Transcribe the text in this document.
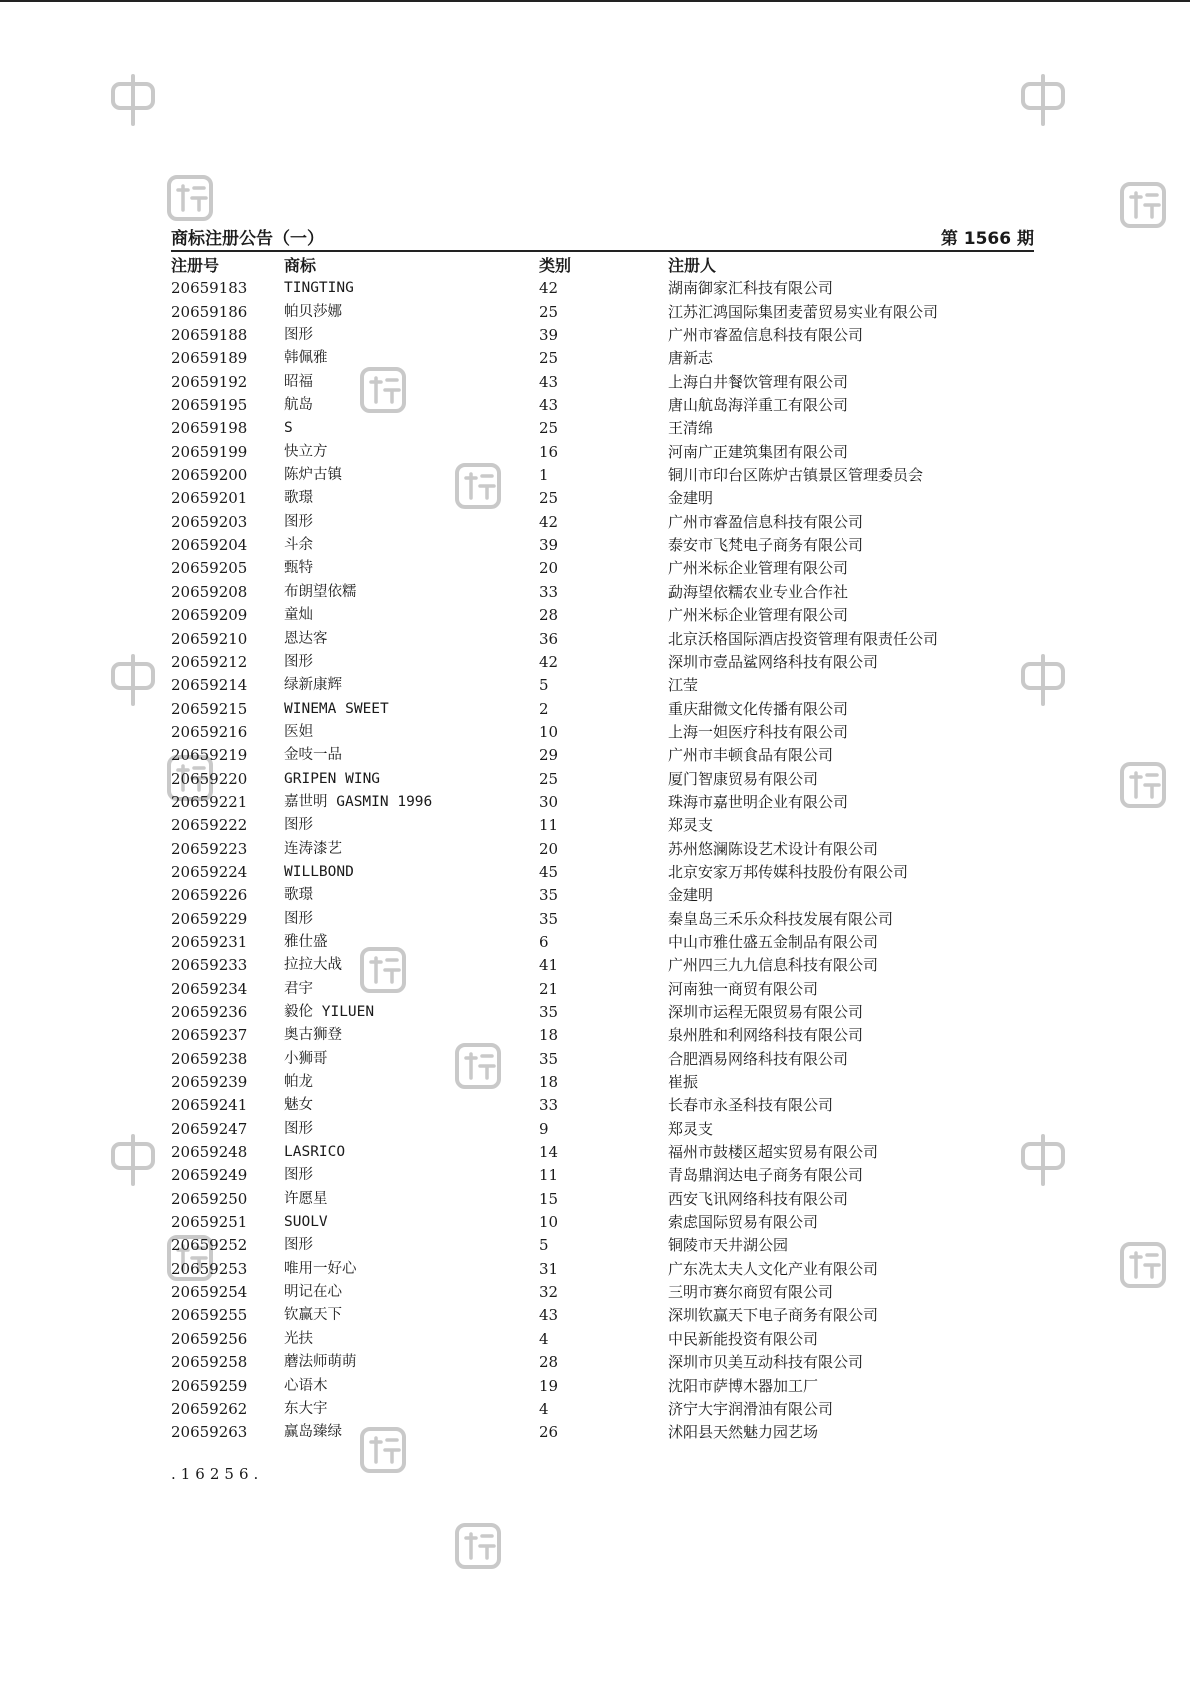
商标注册公告（一）	第 1566 期
注册号	商标	类别	注册人
20659183	TINGTING	42	湖南御家汇科技有限公司
20659186	帕贝莎娜	25	江苏汇鸿国际集团麦蕾贸易实业有限公司
20659188	图形	39	广州市睿盈信息科技有限公司
20659189	韩佩雅	25	唐新志
20659192	昭福	43	上海白井餐饮管理有限公司
20659195	航岛	43	唐山航岛海洋重工有限公司
20659198	S	25	王清绵
20659199	快立方	16	河南广正建筑集团有限公司
20659200	陈炉古镇	1	铜川市印台区陈炉古镇景区管理委员会
20659201	歌璟	25	金建明
20659203	图形	42	广州市睿盈信息科技有限公司
20659204	斗余	39	泰安市飞梵电子商务有限公司
20659205	甄特	20	广州米标企业管理有限公司
20659208	布朗望依糯	33	勐海望依糯农业专业合作社
20659209	童灿	28	广州米标企业管理有限公司
20659210	恩达客	36	北京沃格国际酒店投资管理有限责任公司
20659212	图形	42	深圳市壹品鲨网络科技有限公司
20659214	绿新康辉	5	江莹
20659215	WINEMA SWEET	2	重庆甜微文化传播有限公司
20659216	医妲	10	上海一妲医疗科技有限公司
20659219	金吱一品	29	广州市丰顿食品有限公司
20659220	GRIPEN WING	25	厦门智康贸易有限公司
20659221	嘉世明 GASMIN 1996	30	珠海市嘉世明企业有限公司
20659222	图形	11	郑灵支
20659223	连涛漆艺	20	苏州悠澜陈设艺术设计有限公司
20659224	WILLBOND	45	北京安家万邦传媒科技股份有限公司
20659226	歌璟	35	金建明
20659229	图形	35	秦皇岛三禾乐众科技发展有限公司
20659231	雅仕盛	6	中山市雅仕盛五金制品有限公司
20659233	拉拉大战	41	广州四三九九信息科技有限公司
20659234	君宇	21	河南独一商贸有限公司
20659236	毅伦 YILUEN	35	深圳市运程无限贸易有限公司
20659237	奥古狮登	18	泉州胜和利网络科技有限公司
20659238	小狮哥	35	合肥酒易网络科技有限公司
20659239	帕龙	18	崔振
20659241	魅女	33	长春市永圣科技有限公司
20659247	图形	9	郑灵支
20659248	LASRICO	14	福州市鼓楼区超实贸易有限公司
20659249	图形	11	青岛鼎润达电子商务有限公司
20659250	许愿星	15	西安飞讯网络科技有限公司
20659251	SUOLV	10	索虑国际贸易有限公司
20659252	图形	5	铜陵市天井湖公园
20659253	唯用一好心	31	广东冼太夫人文化产业有限公司
20659254	明记在心	32	三明市赛尔商贸有限公司
20659255	钦赢天下	43	深圳钦赢天下电子商务有限公司
20659256	光扶	4	中民新能投资有限公司
20659258	蘑法师萌萌	28	深圳市贝美互动科技有限公司
20659259	心语木	19	沈阳市萨博木器加工厂
20659262	东大宇	4	济宁大宇润滑油有限公司
20659263	赢岛臻绿	26	沭阳县天然魅力园艺场
.16256.
